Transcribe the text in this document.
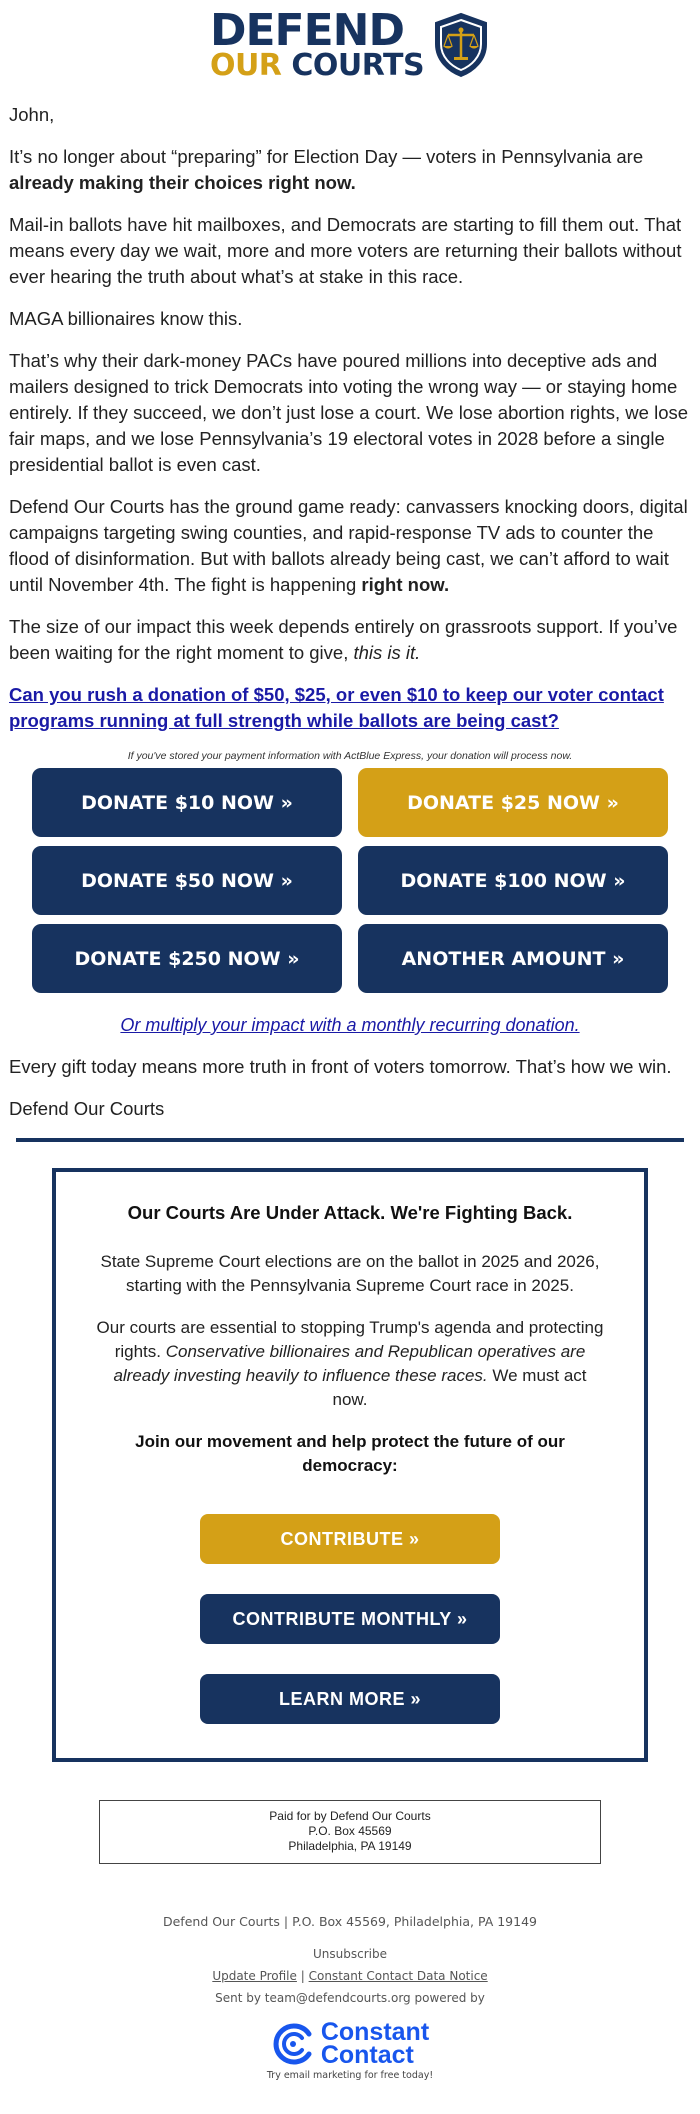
DEFEND
OUR COURTS

John,

It’s no longer about “preparing” for Election Day — voters in Pennsylvania are already making their choices right now.

Mail-in ballots have hit mailboxes, and Democrats are starting to fill them out. That means every day we wait, more and more voters are returning their ballots without ever hearing the truth about what’s at stake in this race.

MAGA billionaires know this.

That’s why their dark-money PACs have poured millions into deceptive ads and mailers designed to trick Democrats into voting the wrong way — or staying home entirely. If they succeed, we don’t just lose a court. We lose abortion rights, we lose fair maps, and we lose Pennsylvania’s 19 electoral votes in 2028 before a single presidential ballot is even cast.

Defend Our Courts has the ground game ready: canvassers knocking doors, digital campaigns targeting swing counties, and rapid-response TV ads to counter the flood of disinformation. But with ballots already being cast, we can’t afford to wait until November 4th. The fight is happening right now.

The size of our impact this week depends entirely on grassroots support. If you’ve been waiting for the right moment to give, this is it.

Can you rush a donation of $50, $25, or even $10 to keep our voter contact programs running at full strength while ballots are being cast?
If you've stored your payment information with ActBlue Express, your donation will process now.
DONATE $10 NOW »	DONATE $25 NOW »
DONATE $50 NOW »	DONATE $100 NOW »
DONATE $250 NOW »	ANOTHER AMOUNT »
Or multiply your impact with a monthly recurring donation.

Every gift today means more truth in front of voters tomorrow. That’s how we win.

Defend Our Courts

Our Courts Are Under Attack. We're Fighting Back.

State Supreme Court elections are on the ballot in 2025 and 2026, starting with the Pennsylvania Supreme Court race in 2025.

Our courts are essential to stopping Trump's agenda and protecting rights. Conservative billionaires and Republican operatives are already investing heavily to influence these races. We must act now.

Join our movement and help protect the future of our democracy:

CONTRIBUTE »
CONTRIBUTE MONTHLY »
LEARN MORE »
Paid for by Defend Our Courts
P.O. Box 45569
Philadelphia, PA 19149
Defend Our Courts | P.O. Box 45569, Philadelphia, PA 19149
Unsubscribe
Update Profile | Constant Contact Data Notice
Sent by team@defendcourts.org powered by
Constant
Contact
Try email marketing for free today!
